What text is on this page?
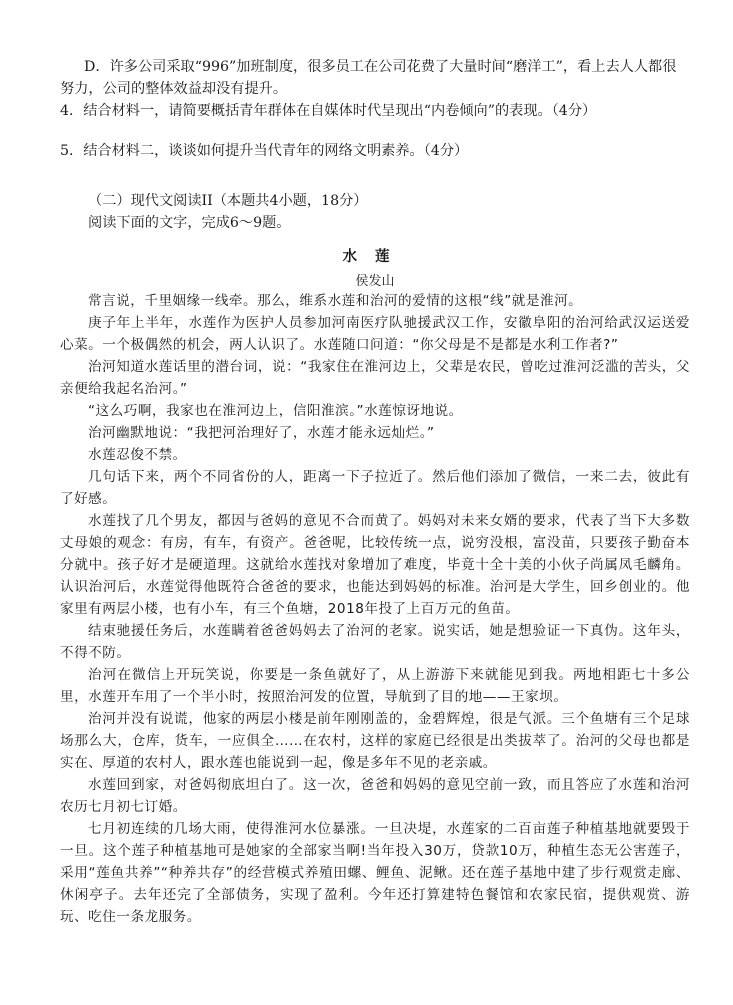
D．许多公司采取“996”加班制度，很多员工在公司花费了大量时间“磨洋工”，看上去人人都很努力，公司的整体效益却没有提升。

4．结合材料一，请简要概括青年群体在自媒体时代呈现出“内卷倾向”的表现。（4分）

5．结合材料二，谈谈如何提升当代青年的网络文明素养。（4分）

（二）现代文阅读II（本题共4小题，18分）

阅读下面的文字，完成6～9题。

水莲

侯发山

常言说，千里姻缘一线牵。那么，维系水莲和治河的爱情的这根“线”就是淮河。

庚子年上半年，水莲作为医护人员参加河南医疗队驰援武汉工作，安徽阜阳的治河给武汉运送爱心菜。一个极偶然的机会，两人认识了。水莲随口问道：“你父母是不是都是水利工作者?”

治河知道水莲话里的潜台词，说：“我家住在淮河边上，父辈是农民，曾吃过淮河泛滥的苦头，父亲便给我起名治河。”

“这么巧啊，我家也在淮河边上，信阳淮滨。”水莲惊讶地说。

治河幽默地说：“我把河治理好了，水莲才能永远灿烂。”

水莲忍俊不禁。

几句话下来，两个不同省份的人，距离一下子拉近了。然后他们添加了微信，一来二去，彼此有了好感。

水莲找了几个男友，都因与爸妈的意见不合而黄了。妈妈对未来女婿的要求，代表了当下大多数丈母娘的观念：有房，有车，有资产。爸爸呢，比较传统一点，说穷没根，富没苗，只要孩子勤奋本分就中。孩子好才是硬道理。这就给水莲找对象增加了难度，毕竟十全十美的小伙子尚属凤毛麟角。认识治河后，水莲觉得他既符合爸爸的要求，也能达到妈妈的标准。治河是大学生，回乡创业的。他家里有两层小楼，也有小车，有三个鱼塘，2018年投了上百万元的鱼苗。

结束驰援任务后，水莲瞒着爸爸妈妈去了治河的老家。说实话，她是想验证一下真伪。这年头，不得不防。

治河在微信上开玩笑说，你要是一条鱼就好了，从上游游下来就能见到我。两地相距七十多公里，水莲开车用了一个半小时，按照治河发的位置，导航到了目的地——王家坝。

治河并没有说谎，他家的两层小楼是前年刚刚盖的，金碧辉煌，很是气派。三个鱼塘有三个足球场那么大，仓库，货车，一应俱全……在农村，这样的家庭已经很是出类拔萃了。治河的父母也都是实在、厚道的农村人，跟水莲也能说到一起，像是多年不见的老亲戚。

水莲回到家，对爸妈彻底坦白了。这一次，爸爸和妈妈的意见空前一致，而且答应了水莲和治河农历七月初七订婚。

七月初连续的几场大雨，使得淮河水位暴涨。一旦决堤，水莲家的二百亩莲子种植基地就要毁于一旦。这个莲子种植基地可是她家的全部家当啊!当年投入30万，贷款10万，种植生态无公害莲子，采用“莲鱼共养”“种养共存”的经营模式养殖田螺、鲤鱼、泥鳅。还在莲子基地中建了步行观赏走廊、休闲亭子。去年还完了全部债务，实现了盈利。今年还打算建特色餐馆和农家民宿，提供观赏、游玩、吃住一条龙服务。
